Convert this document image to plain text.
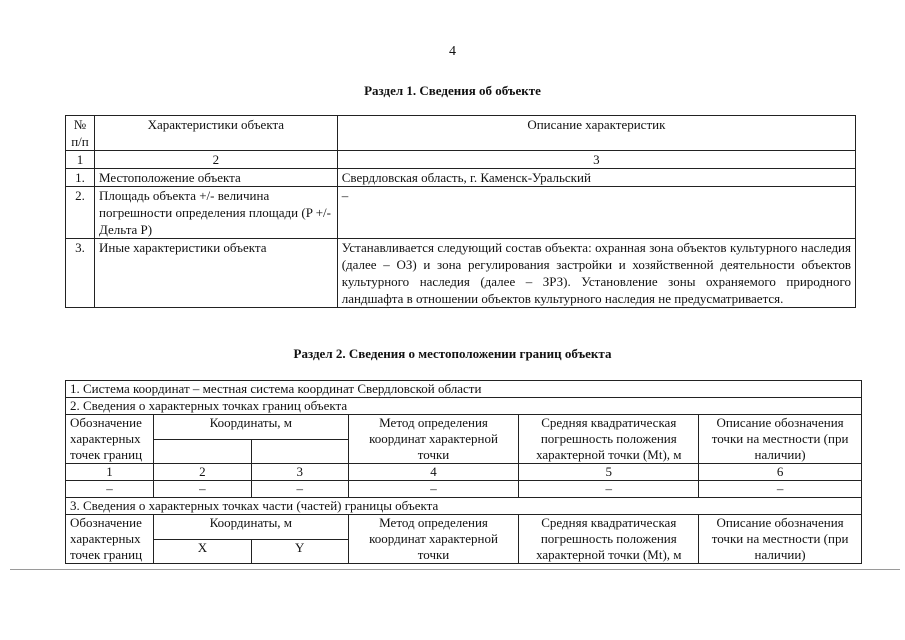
4
Раздел 1. Сведения об объекте
№ п/п	Характеристики объекта	Описание характеристик
1	2	3
1.	Местоположение объекта	Свердловская область, г. Каменск-Уральский
2.	Площадь объекта +/- величина погрешности определения площади (P +/- Дельта P)	–
3.	Иные характеристики объекта	Устанавливается следующий состав объекта: охранная зона объектов культурного наследия (далее – ОЗ) и зона регулирования застройки и хозяйственной деятельности объектов культурного наследия (далее – ЗРЗ). Установление зоны охраняемого природного ландшафта в отношении объектов культурного наследия не предусматривается.
Раздел 2. Сведения о местоположении границ объекта
1. Система координат – местная система координат Свердловской области					
2. Сведения о характерных точках границ объекта					
Обозначение характерных точек границ	Координаты, м		Метод определения координат характерной точки	Средняя квадратическая погрешность положения характерной точки (Mt), м	Описание обозначения точки на местности (при наличии)

1	2	3	4	5	6
–	–	–	–	–	–
3. Сведения о характерных точках части (частей) границы объекта					
Обозначение характерных точек границ	Координаты, м		Метод определения координат характерной точки	Средняя квадратическая погрешность положения характерной точки (Mt), м	Описание обозначения точки на местности (при наличии)
	X	Y			
